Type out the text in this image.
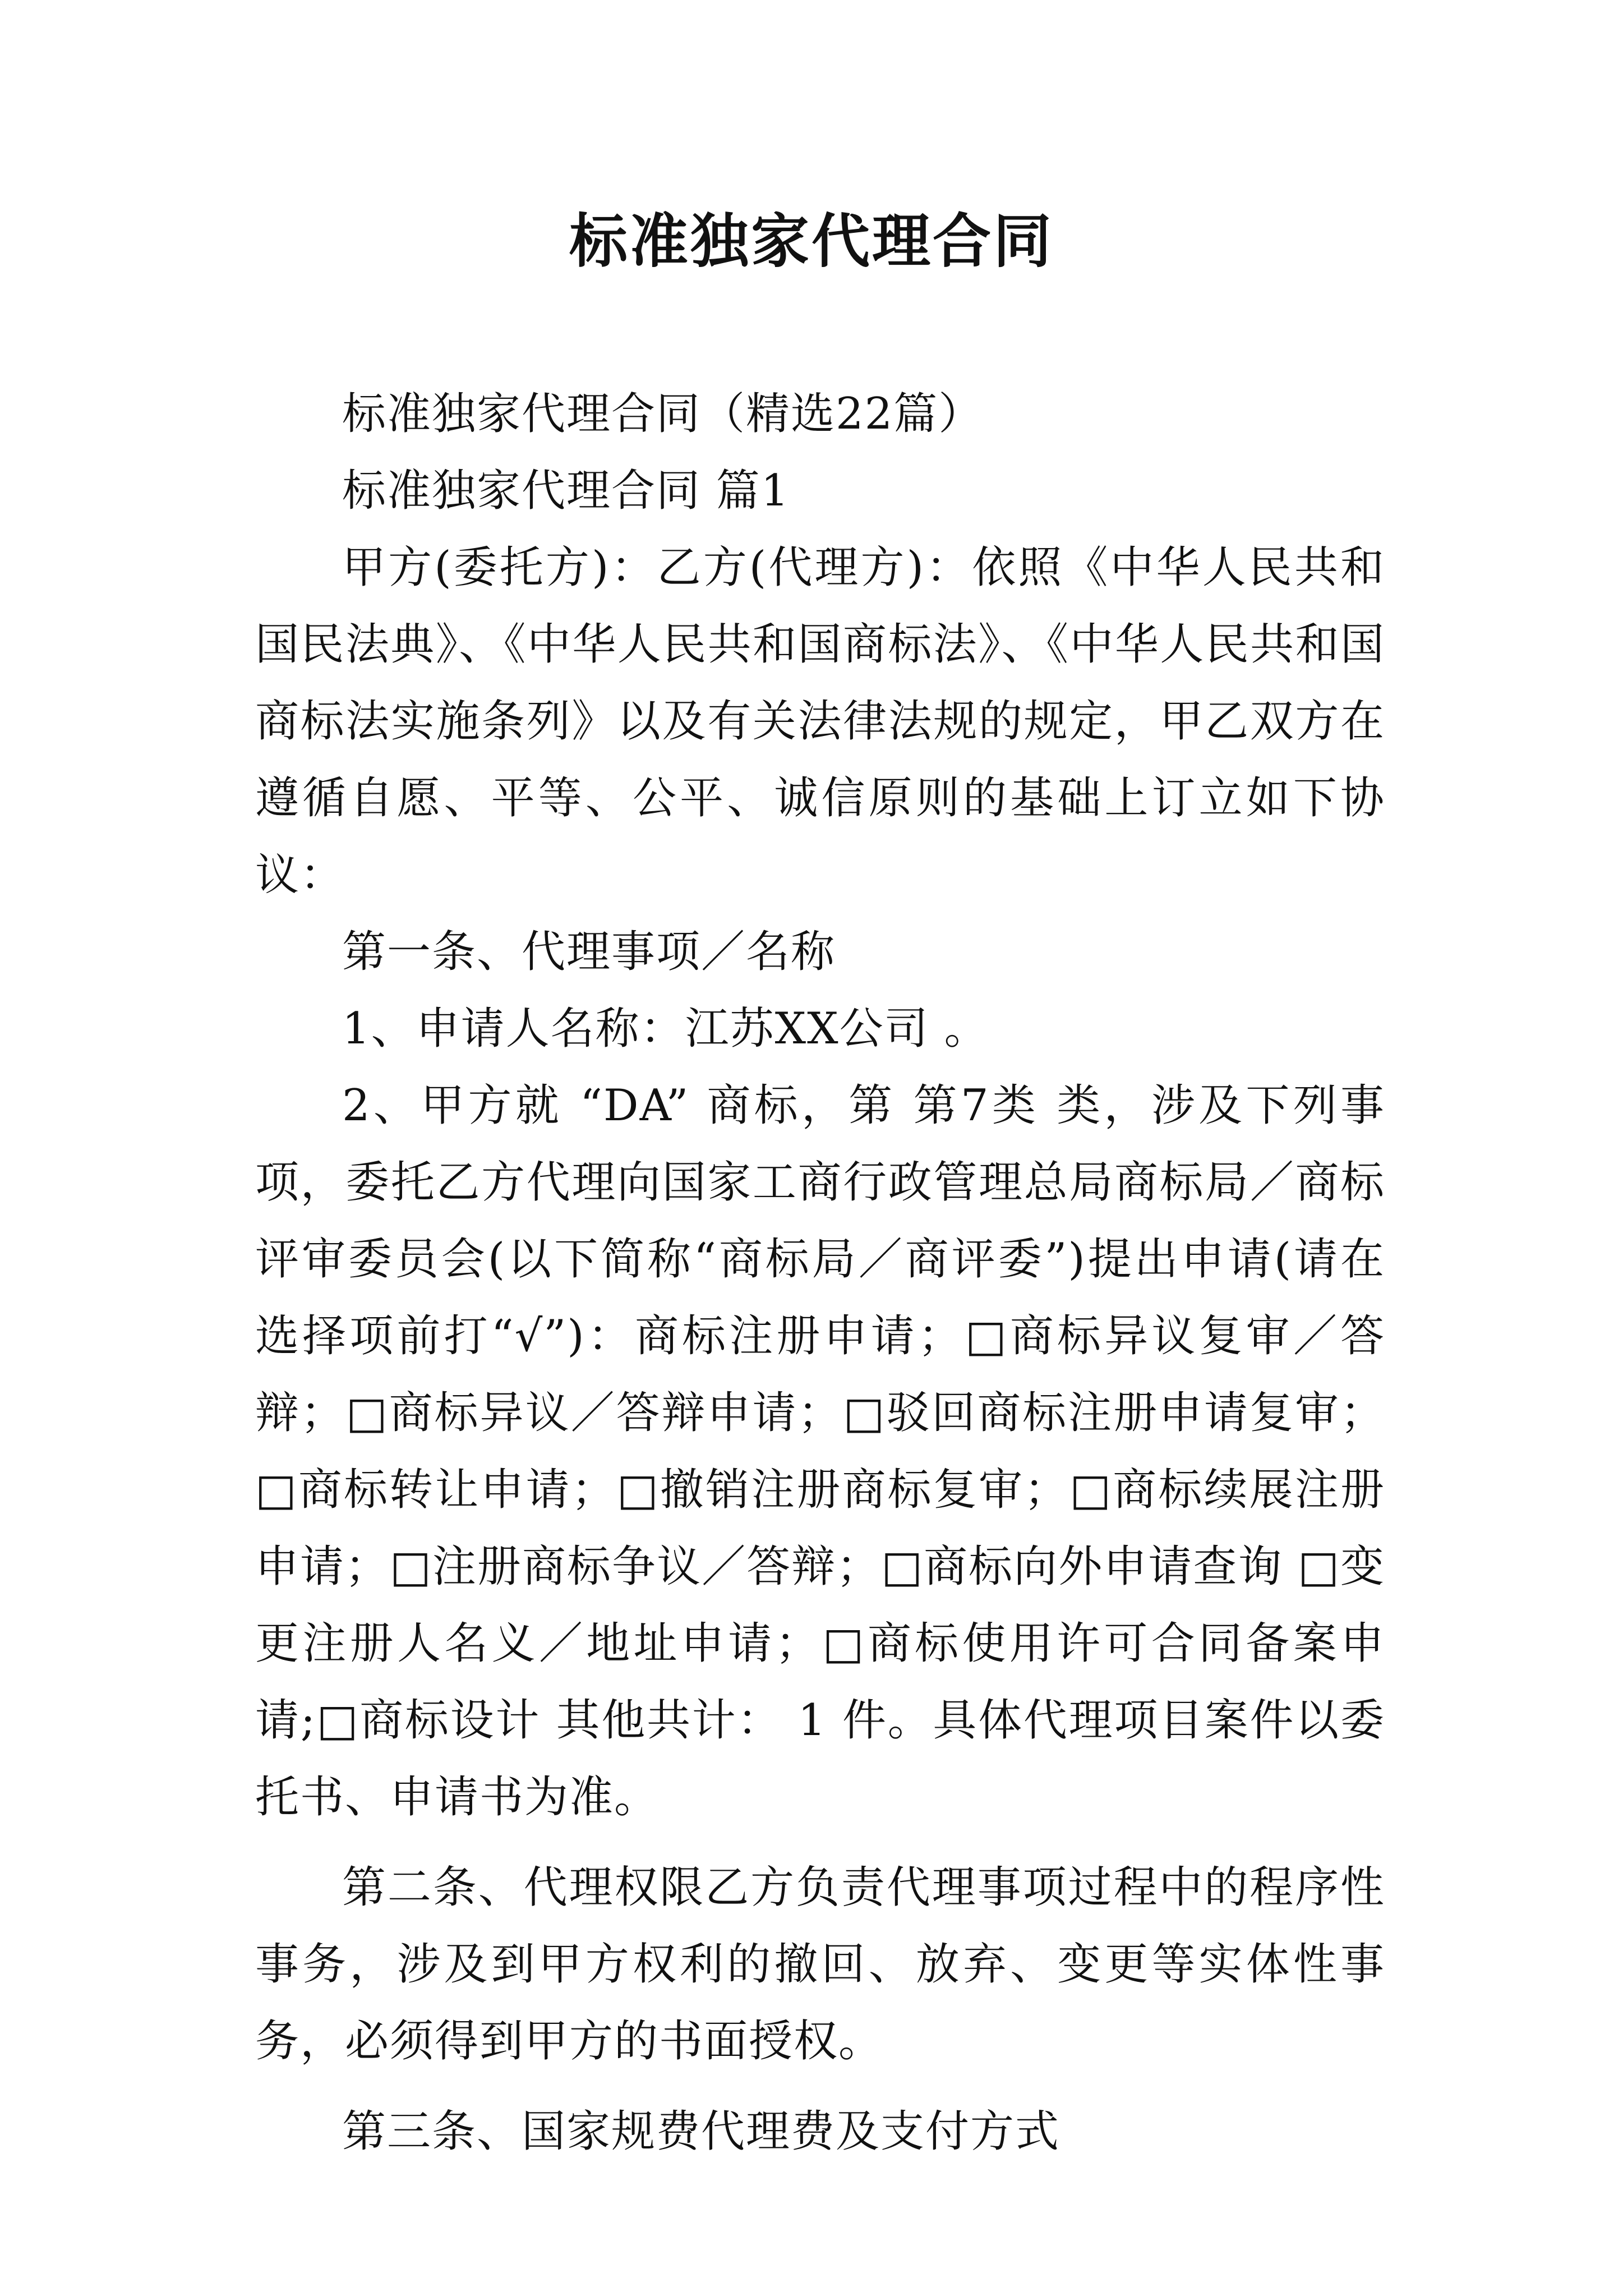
标准独家代理合同

标准独家代理合同（精选22篇）

标准独家代理合同 篇1

甲方(委托方)：乙方(代理方)：依照《中华人民共和国民法典》、《中华人民共和国商标法》、《中华人民共和国商标法实施条列》以及有关法律法规的规定，甲乙双方在遵循自愿、平等、公平、诚信原则的基础上订立如下协议：

第一条、代理事项／名称

1、申请人名称：江苏XX公司 。

2、甲方就 “DA” 商标，第 第7类 类，涉及下列事项，委托乙方代理向国家工商行政管理总局商标局／商标评审委员会(以下简称“商标局／商评委”)提出申请(请在选择项前打“√”)：商标注册申请；□商标异议复审／答辩；□商标异议／答辩申请；□驳回商标注册申请复审；□商标转让申请；□撤销注册商标复审；□商标续展注册申请；□注册商标争议／答辩；□商标向外申请查询 □变更注册人名义／地址申请；□商标使用许可合同备案申请;□商标设计 其他共计： 1 件。具体代理项目案件以委托书、申请书为准。

第二条、代理权限乙方负责代理事项过程中的程序性事务，涉及到甲方权利的撤回、放弃、变更等实体性事务，必须得到甲方的书面授权。

第三条、国家规费代理费及支付方式
